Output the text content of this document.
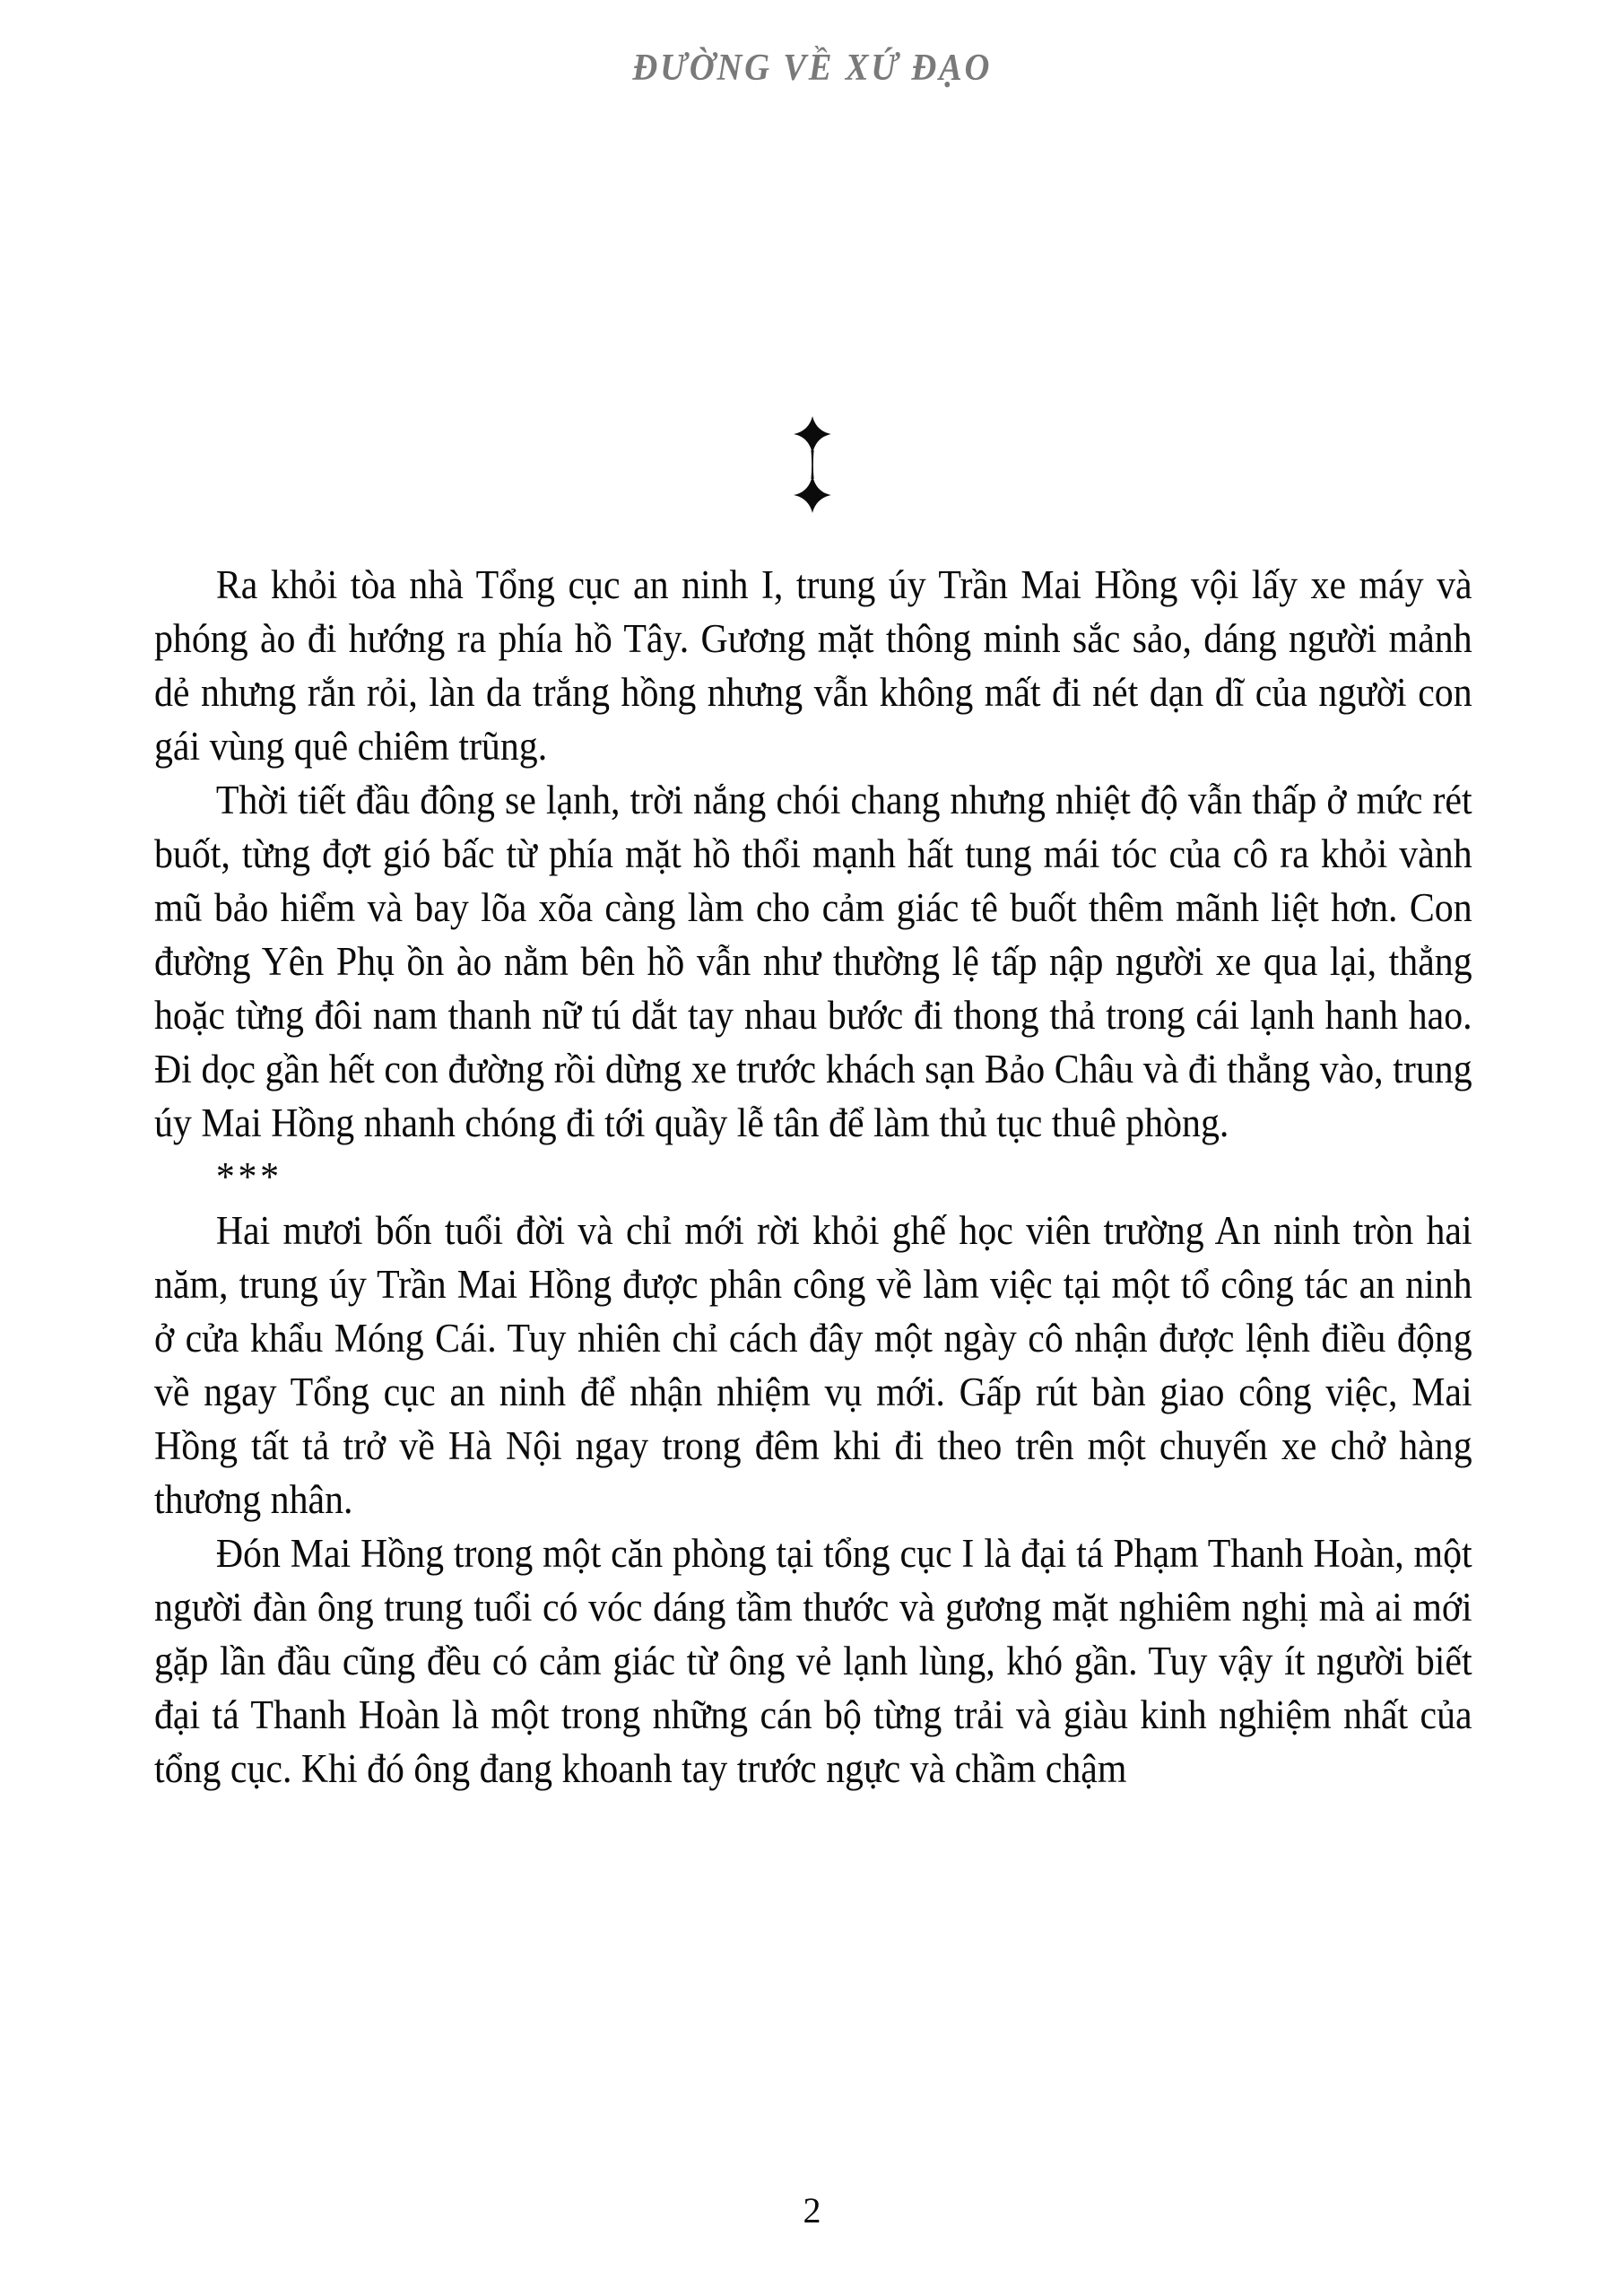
ĐƯỜNG VỀ XỨ ĐẠO

Ra khỏi tòa nhà Tổng cục an ninh I, trung úy Trần Mai Hồng vội lấy xe máy và phóng ào đi hướng ra phía hồ Tây. Gương mặt thông minh sắc sảo, dáng người mảnh dẻ nhưng rắn rỏi, làn da trắng hồng nhưng vẫn không mất đi nét dạn dĩ của người con gái vùng quê chiêm trũng.

Thời tiết đầu đông se lạnh, trời nắng chói chang nhưng nhiệt độ vẫn thấp ở mức rét buốt, từng đợt gió bấc từ phía mặt hồ thổi mạnh hất tung mái tóc của cô ra khỏi vành mũ bảo hiểm và bay lõa xõa càng làm cho cảm giác tê buốt thêm mãnh liệt hơn. Con đường Yên Phụ ồn ào nằm bên hồ vẫn như thường lệ tấp nập người xe qua lại, thẳng hoặc từng đôi nam thanh nữ tú dắt tay nhau bước đi thong thả trong cái lạnh hanh hao. Đi dọc gần hết con đường rồi dừng xe trước khách sạn Bảo Châu và đi thẳng vào, trung úy Mai Hồng nhanh chóng đi tới quầy lễ tân để làm thủ tục thuê phòng.

***

Hai mươi bốn tuổi đời và chỉ mới rời khỏi ghế học viên trường An ninh tròn hai năm, trung úy Trần Mai Hồng được phân công về làm việc tại một tổ công tác an ninh ở cửa khẩu Móng Cái. Tuy nhiên chỉ cách đây một ngày cô nhận được lệnh điều động về ngay Tổng cục an ninh để nhận nhiệm vụ mới. Gấp rút bàn giao công việc, Mai Hồng tất tả trở về Hà Nội ngay trong đêm khi đi theo trên một chuyến xe chở hàng thương nhân.

Đón Mai Hồng trong một căn phòng tại tổng cục I là đại tá Phạm Thanh Hoàn, một người đàn ông trung tuổi có vóc dáng tầm thước và gương mặt nghiêm nghị mà ai mới gặp lần đầu cũng đều có cảm giác từ ông vẻ lạnh lùng, khó gần. Tuy vậy ít người biết đại tá Thanh Hoàn là một trong những cán bộ từng trải và giàu kinh nghiệm nhất của tổng cục. Khi đó ông đang khoanh tay trước ngực và chầm chậm

2
